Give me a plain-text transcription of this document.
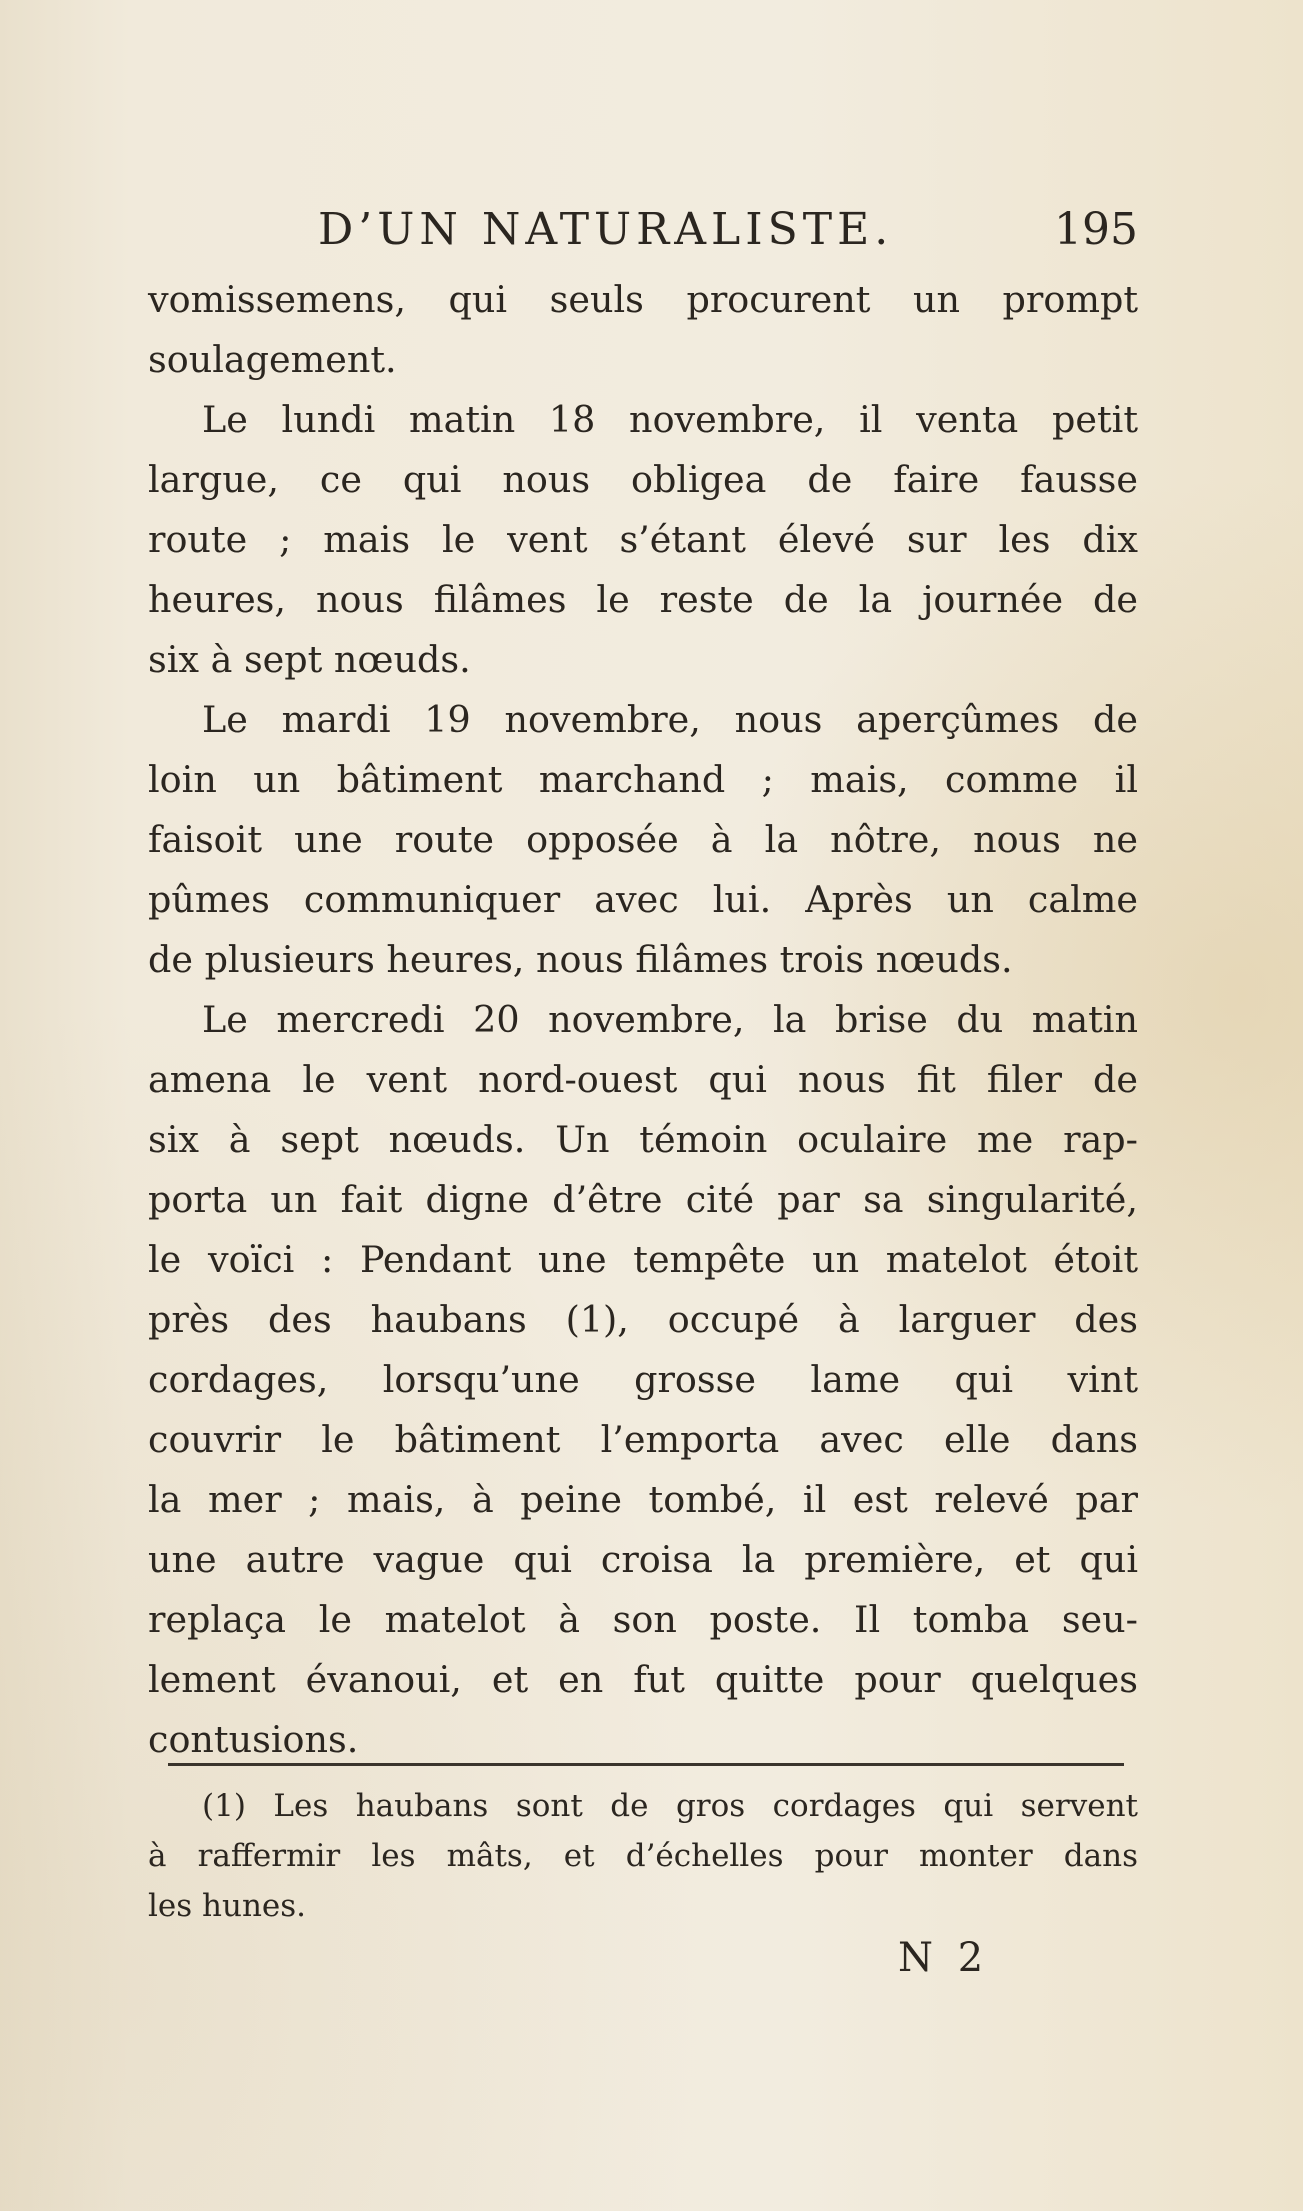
D’UN NATURALISTE.	195
vomissemens, qui seuls procurent un prompt
soulagement.
Le lundi matin 18 novembre, il venta petit
largue, ce qui nous obligea de faire fausse
route ; mais le vent s’étant élevé sur les dix
heures, nous filâmes le reste de la journée de
six à sept nœuds.
Le mardi 19 novembre, nous aperçûmes de
loin un bâtiment marchand ; mais, comme il
faisoit une route opposée à la nôtre, nous ne
pûmes communiquer avec lui. Après un calme
de plusieurs heures, nous filâmes trois nœuds.
Le mercredi 20 novembre, la brise du matin
amena le vent nord-ouest qui nous fit filer de
six à sept nœuds. Un témoin oculaire me rap-
porta un fait digne d’être cité par sa singularité,
le voïci : Pendant une tempête un matelot étoit
près des haubans (1), occupé à larguer des
cordages, lorsqu’une grosse lame qui vint
couvrir le bâtiment l’emporta avec elle dans
la mer ; mais, à peine tombé, il est relevé par
une autre vague qui croisa la première, et qui
replaça le matelot à son poste. Il tomba seu-
lement évanoui, et en fut quitte pour quelques
contusions.
(1) Les haubans sont de gros cordages qui servent
à raffermir les mâts, et d’échelles pour monter dans
les hunes.
N 2
